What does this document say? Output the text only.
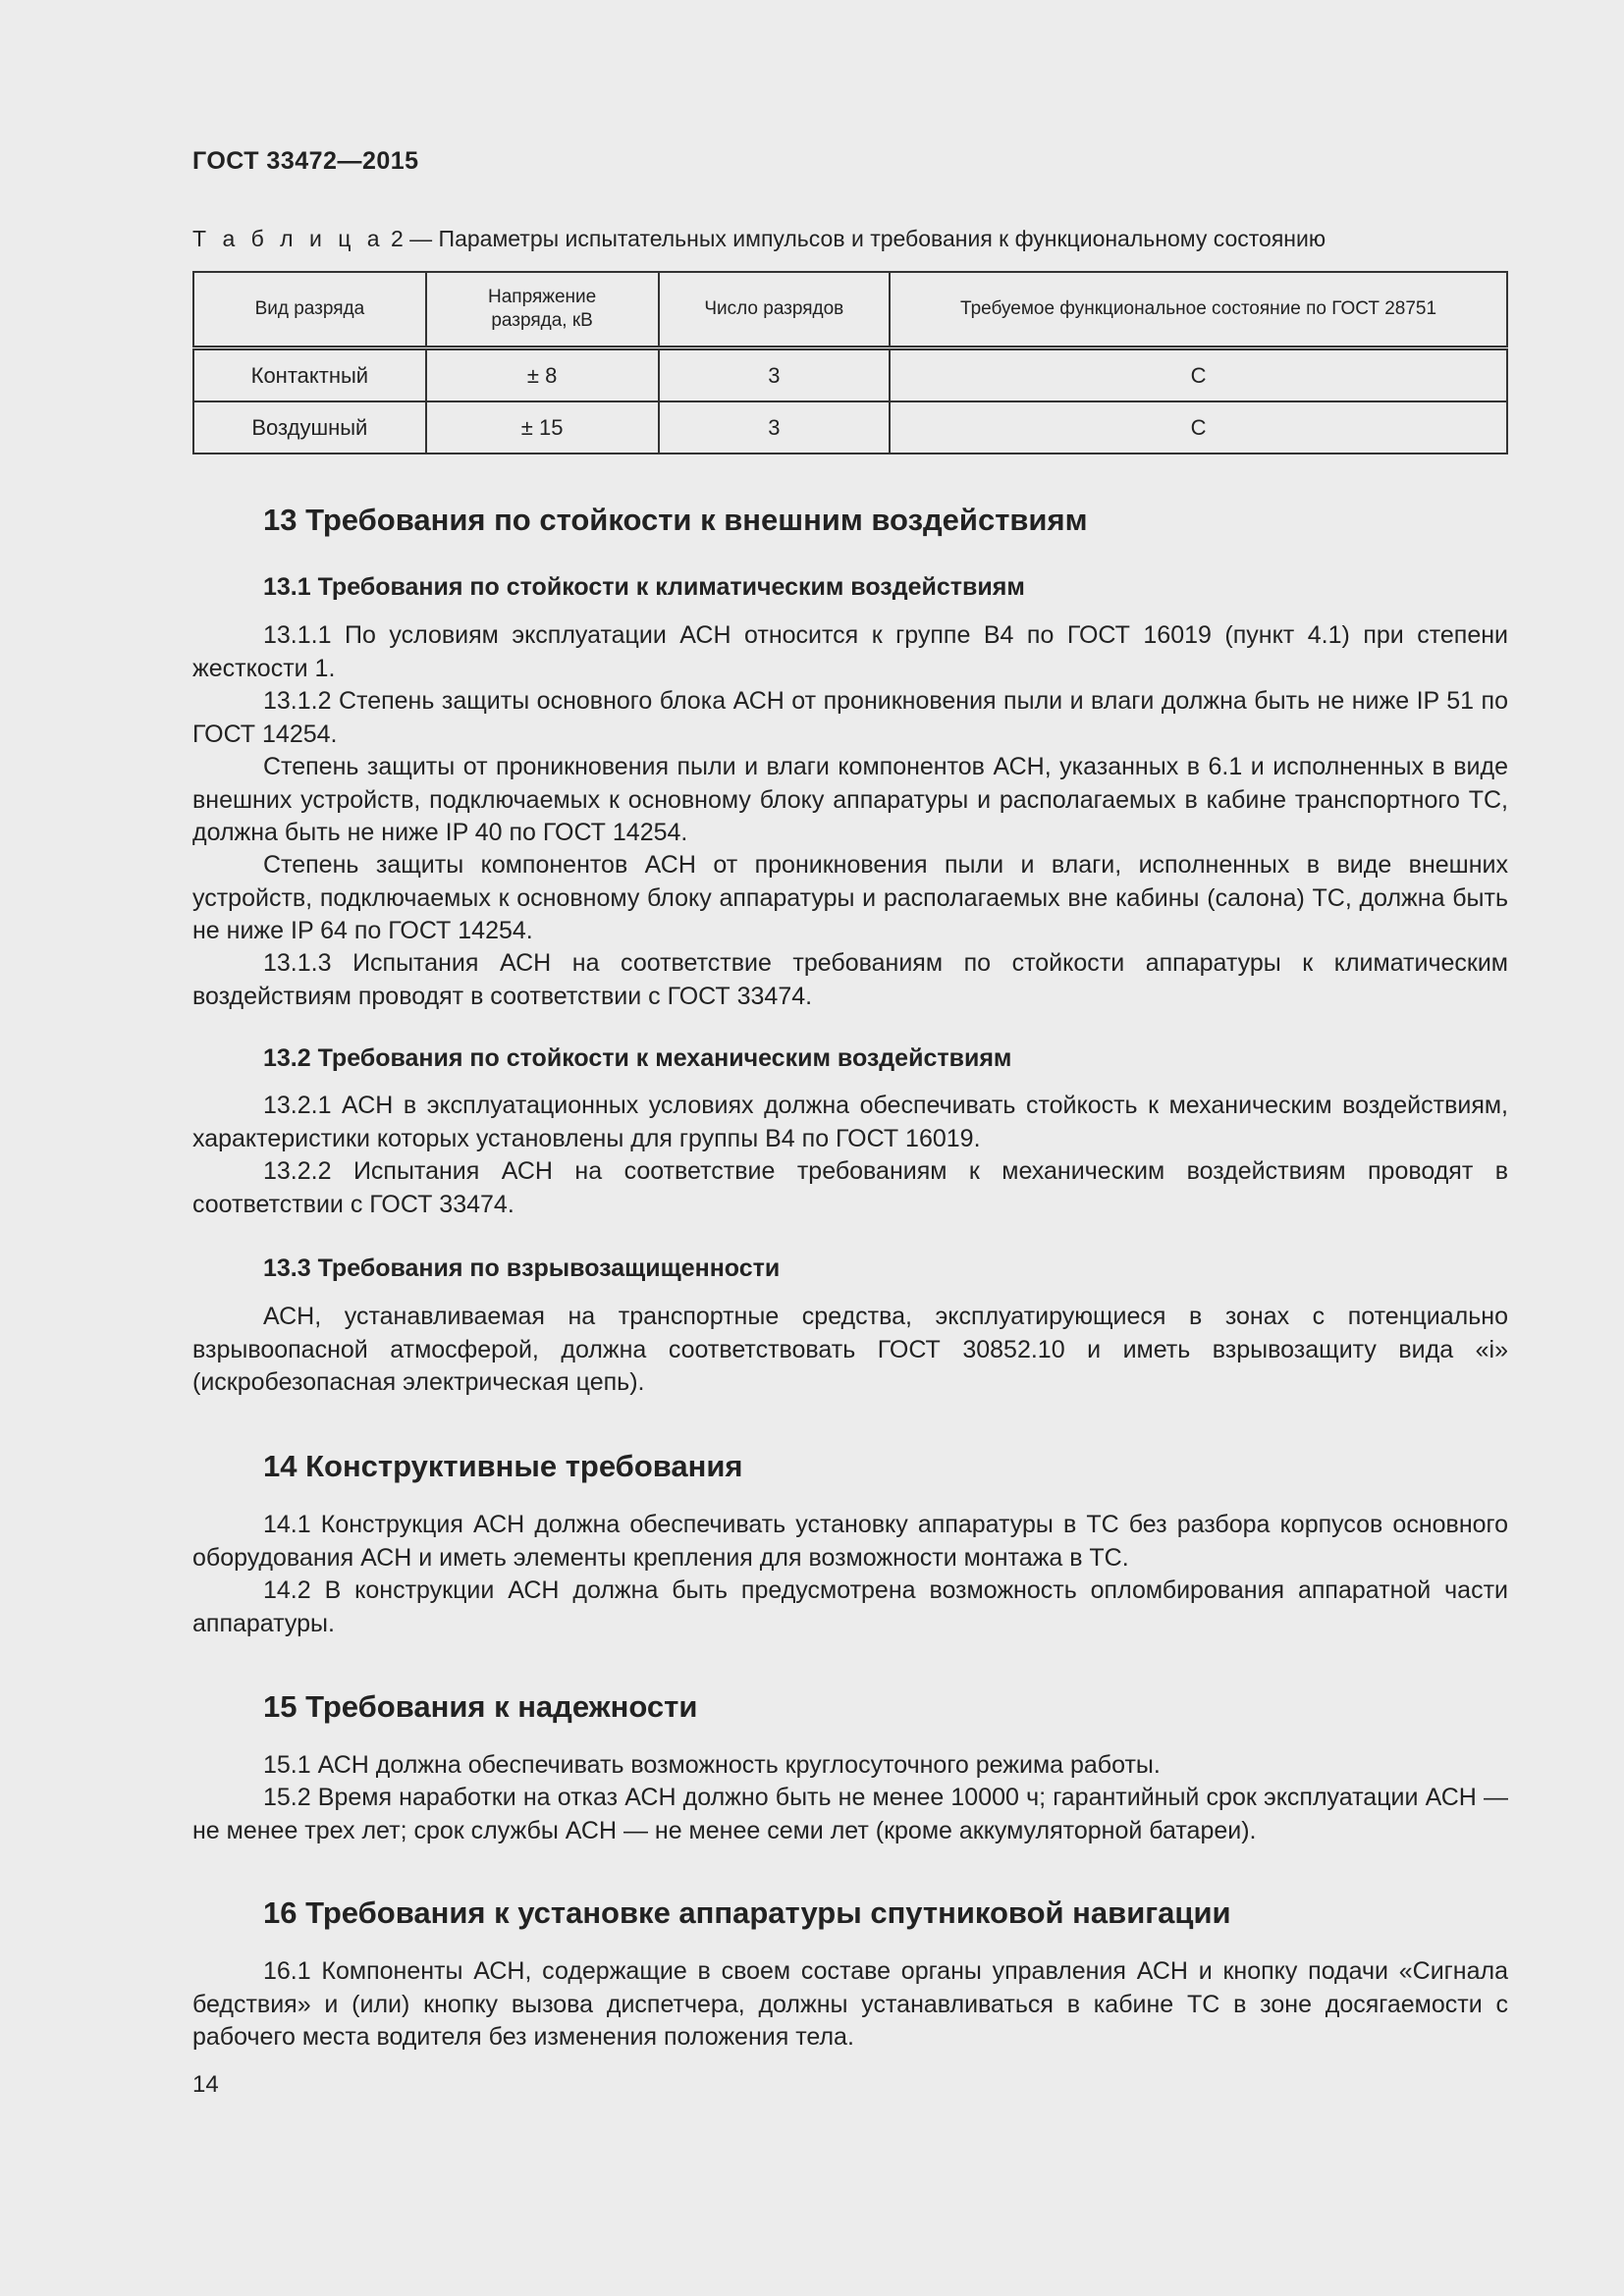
ГОСТ 33472—2015
Т а б л и ц а 2 — Параметры испытательных импульсов и требования к функциональному состоянию
Вид разряда	Напряжение разряда, кВ	Число разрядов	Требуемое функциональное состояние по ГОСТ 28751
Контактный	± 8	3	С
Воздушный	± 15	3	С
13 Требования по стойкости к внешним воздействиям
13.1 Требования по стойкости к климатическим воздействиям
13.1.1 По условиям эксплуатации АСН относится к группе В4 по ГОСТ 16019 (пункт 4.1) при степени жесткости 1.
13.1.2 Степень защиты основного блока АСН от проникновения пыли и влаги должна быть не ниже IP 51 по ГОСТ 14254.
Степень защиты от проникновения пыли и влаги компонентов АСН, указанных в 6.1 и исполненных в виде внешних устройств, подключаемых к основному блоку аппаратуры и располагаемых в кабине транспортного ТС, должна быть не ниже IP 40 по ГОСТ 14254.
Степень защиты компонентов АСН от проникновения пыли и влаги, исполненных в виде внешних устройств, подключаемых к основному блоку аппаратуры и располагаемых вне кабины (салона) ТС, должна быть не ниже IP 64 по ГОСТ 14254.
13.1.3 Испытания АСН на соответствие требованиям по стойкости аппаратуры к климатическим воздействиям проводят в соответствии с ГОСТ 33474.
13.2 Требования по стойкости к механическим воздействиям
13.2.1 АСН в эксплуатационных условиях должна обеспечивать стойкость к механическим воздействиям, характеристики которых установлены для группы В4 по ГОСТ 16019.
13.2.2 Испытания АСН на соответствие требованиям к механическим воздействиям проводят в соответствии с ГОСТ 33474.
13.3 Требования по взрывозащищенности
АСН, устанавливаемая на транспортные средства, эксплуатирующиеся в зонах с потенциально взрывоопасной атмосферой, должна соответствовать ГОСТ 30852.10 и иметь взрывозащиту вида «i» (искробезопасная электрическая цепь).
14 Конструктивные требования
14.1 Конструкция АСН должна обеспечивать установку аппаратуры в ТС без разбора корпусов основного оборудования АСН и иметь элементы крепления для возможности монтажа в ТС.
14.2 В конструкции АСН должна быть предусмотрена возможность опломбирования аппаратной части аппаратуры.
15 Требования к надежности
15.1 АСН должна обеспечивать возможность круглосуточного режима работы.
15.2 Время наработки на отказ АСН должно быть не менее 10000 ч; гарантийный срок эксплуатации АСН — не менее трех лет; срок службы АСН — не менее семи лет (кроме аккумуляторной батареи).
16 Требования к установке аппаратуры спутниковой навигации
16.1 Компоненты АСН, содержащие в своем составе органы управления АСН и кнопку подачи «Сигнала бедствия» и (или) кнопку вызова диспетчера, должны устанавливаться в кабине ТС в зоне досягаемости с рабочего места водителя без изменения положения тела.
14
